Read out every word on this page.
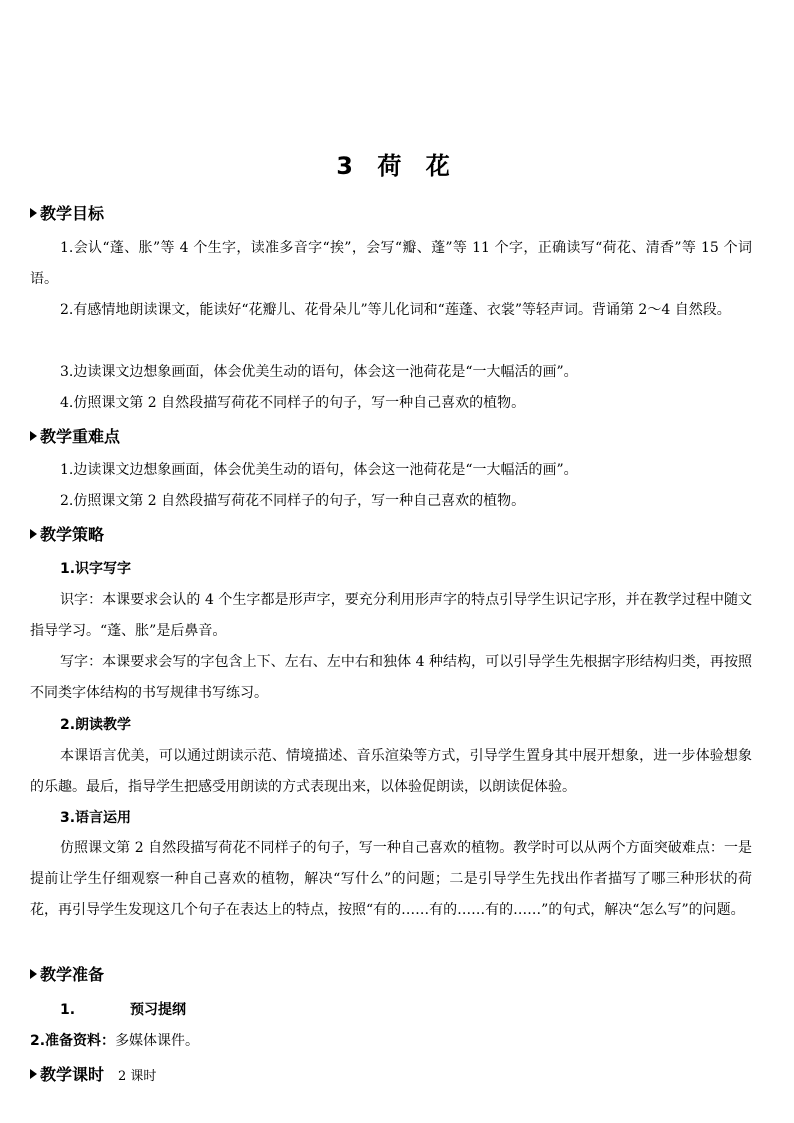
3 荷 花
教学目标
1.会认“蓬、胀”等 4 个生字，读准多音字“挨”，会写“瓣、蓬”等 11 个字，正确读写“荷花、清香”等 15 个词语。
2.有感情地朗读课文，能读好“花瓣儿、花骨朵儿”等儿化词和“莲蓬、衣裳”等轻声词。背诵第 2～4 自然段。
3.边读课文边想象画面，体会优美生动的语句，体会这一池荷花是“一大幅活的画”。
4.仿照课文第 2 自然段描写荷花不同样子的句子，写一种自己喜欢的植物。
教学重难点
1.边读课文边想象画面，体会优美生动的语句，体会这一池荷花是“一大幅活的画”。
2.仿照课文第 2 自然段描写荷花不同样子的句子，写一种自己喜欢的植物。
教学策略
1.识字写字
识字：本课要求会认的 4 个生字都是形声字，要充分利用形声字的特点引导学生识记字形，并在教学过程中随文指导学习。“蓬、胀”是后鼻音。
写字：本课要求会写的字包含上下、左右、左中右和独体 4 种结构，可以引导学生先根据字形结构归类，再按照不同类字体结构的书写规律书写练习。
2.朗读教学
本课语言优美，可以通过朗读示范、情境描述、音乐渲染等方式，引导学生置身其中展开想象，进一步体验想象的乐趣。最后，指导学生把感受用朗读的方式表现出来，以体验促朗读，以朗读促体验。
3.语言运用
仿照课文第 2 自然段描写荷花不同样子的句子，写一种自己喜欢的植物。教学时可以从两个方面突破难点：一是提前让学生仔细观察一种自己喜欢的植物，解决“写什么”的问题；二是引导学生先找出作者描写了哪三种形状的荷花，再引导学生发现这几个句子在表达上的特点，按照“有的……有的……有的……”的句式，解决“怎么写”的问题。
教学准备
1.	预习提纲
2.准备资料：多媒体课件。
教学课时 2 课时
